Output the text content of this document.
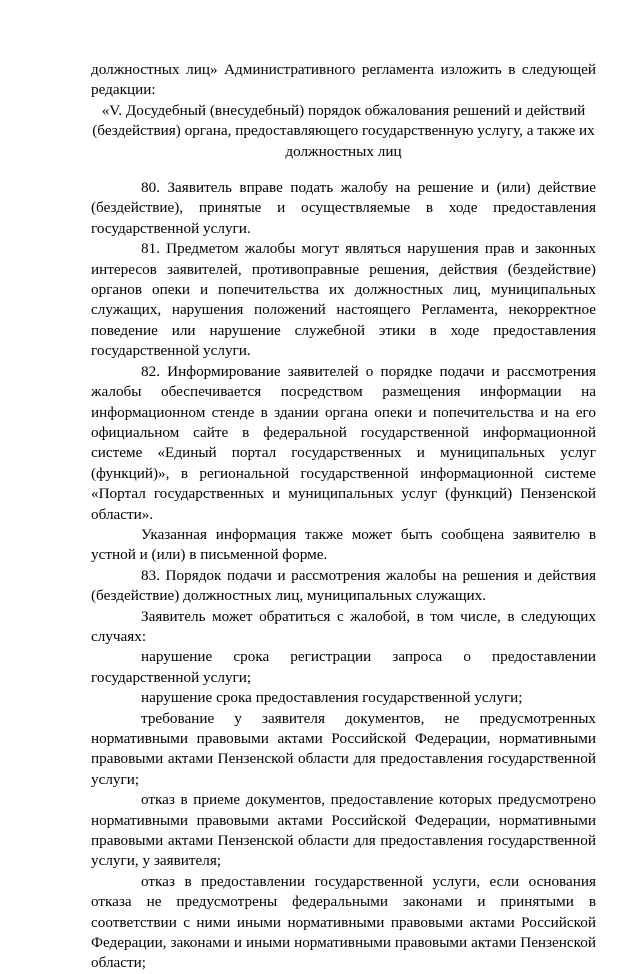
должностных лиц» Административного регламента изложить в следующей редакции:

«V. Досудебный (внесудебный) порядок обжалования решений и действий (бездействия) органа, предоставляющего государственную услугу, а также их должностных лиц

80. Заявитель вправе подать жалобу на решение и (или) действие (бездействие), принятые и осуществляемые в ходе предоставления государственной услуги.

81. Предметом жалобы могут являться нарушения прав и законных интересов заявителей, противоправные решения, действия (бездействие) органов опеки и попечительства их должностных лиц, муниципальных служащих, нарушения положений настоящего Регламента, некорректное поведение или нарушение служебной этики в ходе предоставления государственной услуги.

82. Информирование заявителей о порядке подачи и рассмотрения жалобы обеспечивается посредством размещения информации на информационном стенде в здании органа опеки и попечительства и на его официальном сайте в федеральной государственной информационной системе «Единый портал государственных и муниципальных услуг (функций)», в региональной государственной информационной системе «Портал государственных и муниципальных услуг (функций) Пензенской области».

Указанная информация также может быть сообщена заявителю в устной и (или) в письменной форме.

83. Порядок подачи и рассмотрения жалобы на решения и действия (бездействие) должностных лиц, муниципальных служащих.

Заявитель может обратиться с жалобой, в том числе, в следующих случаях:

нарушение срока регистрации запроса о предоставлении государственной услуги;

нарушение срока предоставления государственной услуги;

требование у заявителя документов, не предусмотренных нормативными правовыми актами Российской Федерации, нормативными правовыми актами Пензенской области для предоставления государственной услуги;

отказ в приеме документов, предоставление которых предусмотрено нормативными правовыми актами Российской Федерации, нормативными правовыми актами Пензенской области для предоставления государственной услуги, у заявителя;

отказ в предоставлении государственной услуги, если основания отказа не предусмотрены федеральными законами и принятыми в соответствии с ними иными нормативными правовыми актами Российской Федерации, законами и иными нормативными правовыми актами Пензенской области;
